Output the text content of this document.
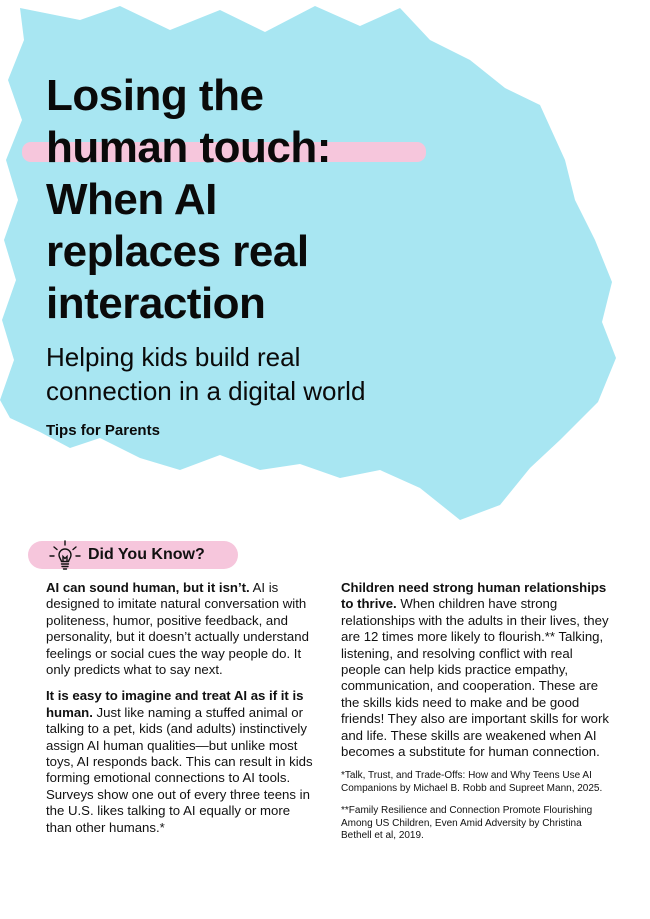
Losing the
human touch:
When AI
replaces real
interaction
Helping kids build real
connection in a digital world
Tips for Parents
Did You Know?

AI can sound human, but it isn’t. AI is designed to imitate natural conversation with politeness, humor, positive feedback, and personality, but it doesn’t actually understand feelings or social cues the way people do. It only predicts what to say next.

It is easy to imagine and treat AI as if it is human. Just like naming a stuffed animal or talking to a pet, kids (and adults) instinctively assign AI human qualities—but unlike most toys, AI responds back. This can result in kids forming emotional connections to AI tools. Surveys show one out of every three teens in the U.S. likes talking to AI equally or more than other humans.*

Children need strong human relationships to thrive. When children have strong relationships with the adults in their lives, they are 12 times more likely to flourish.** Talking, listening, and resolving conflict with real people can help kids practice empathy, communication, and cooperation. These are the skills kids need to make and be good friends! They also are important skills for work and life. These skills are weakened when AI becomes a substitute for human connection.

*Talk, Trust, and Trade-Offs: How and Why Teens Use AI Companions by Michael B. Robb and Supreet Mann, 2025.

**Family Resilience and Connection Promote Flourishing Among US Children, Even Amid Adversity by Christina Bethell et al, 2019.
